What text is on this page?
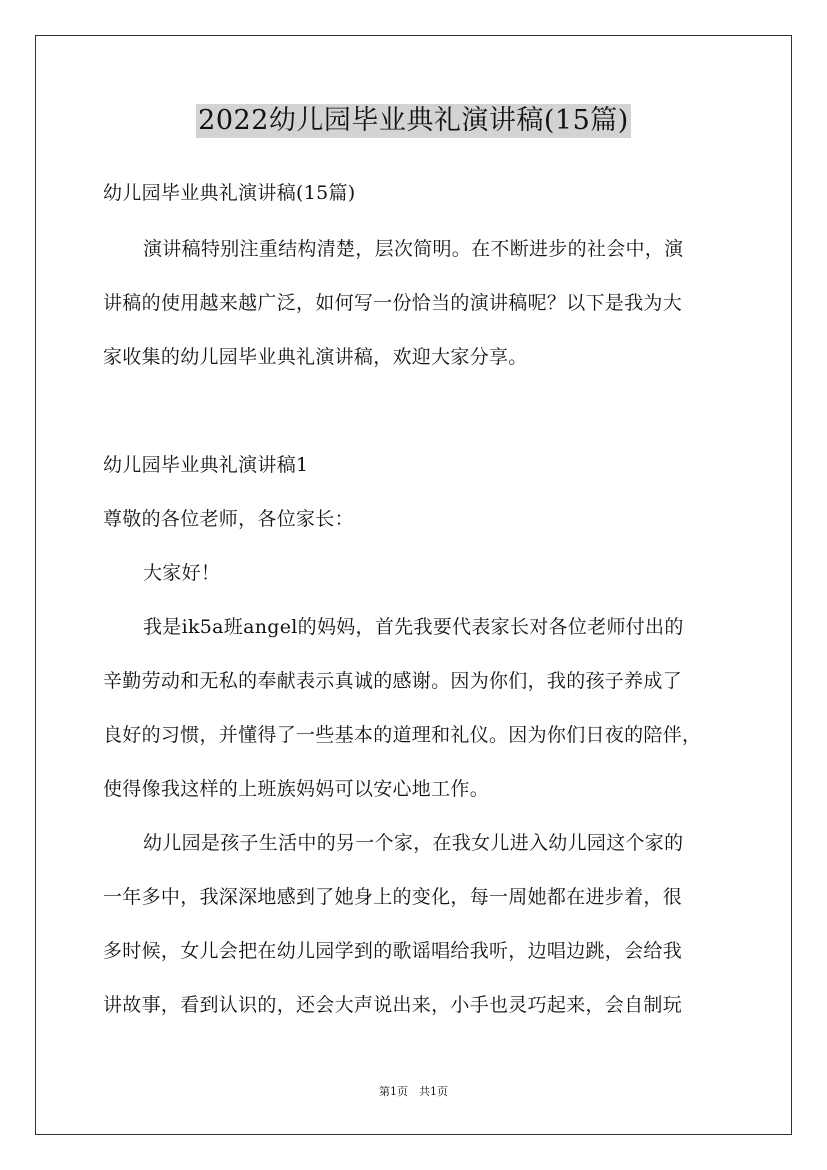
2022幼儿园毕业典礼演讲稿(15篇)
幼儿园毕业典礼演讲稿(15篇)
演讲稿特别注重结构清楚，层次简明。在不断进步的社会中，演
讲稿的使用越来越广泛，如何写一份恰当的演讲稿呢？以下是我为大
家收集的幼儿园毕业典礼演讲稿，欢迎大家分享。
幼儿园毕业典礼演讲稿1
尊敬的各位老师，各位家长：
大家好！
我是ik5a班angel的妈妈，首先我要代表家长对各位老师付出的
辛勤劳动和无私的奉献表示真诚的感谢。因为你们，我的孩子养成了
良好的习惯，并懂得了一些基本的道理和礼仪。因为你们日夜的陪伴，
使得像我这样的上班族妈妈可以安心地工作。
幼儿园是孩子生活中的另一个家，在我女儿进入幼儿园这个家的
一年多中，我深深地感到了她身上的变化，每一周她都在进步着，很
多时候，女儿会把在幼儿园学到的歌谣唱给我听，边唱边跳，会给我
讲故事，看到认识的，还会大声说出来，小手也灵巧起来，会自制玩
第1页　共1页
